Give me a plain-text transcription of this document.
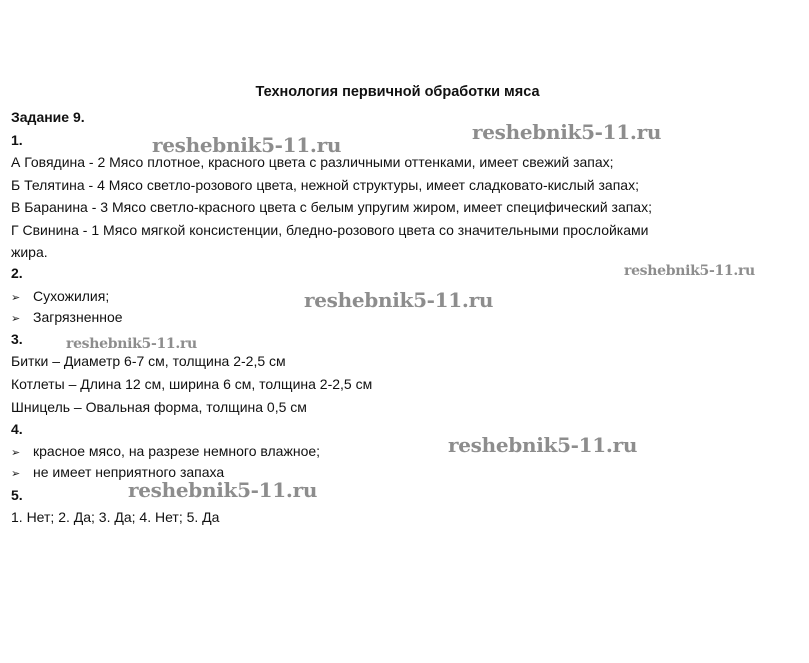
Технология первичной обработки мяса
Задание 9.
1.
А Говядина - 2 Мясо плотное, красного цвета с различными оттенками, имеет свежий запах;
Б Телятина - 4 Мясо светло-розового цвета, нежной структуры, имеет сладковато-кислый запах;
В Баранина - 3 Мясо светло-красного цвета с белым упругим жиром, имеет специфический запах;
Г Свинина - 1 Мясо мягкой консистенции, бледно-розового цвета со значительными прослойками
жира.
2.
➢ Сухожилия;
➢ Загрязненное
3.
Битки – Диаметр 6-7 см, толщина 2-2,5 см
Котлеты – Длина 12 см, ширина 6 см, толщина 2-2,5 см
Шницель – Овальная форма, толщина 0,5 см
4.
➢ красное мясо, на разрезе немного влажное;
➢ не имеет неприятного запаха
5.
1. Нет; 2. Да; 3. Да; 4. Нет; 5. Да
reshebnik5-11.ru
reshebnik5-11.ru
reshebnik5-11.ru
reshebnik5-11.ru
reshebnik5-11.ru
reshebnik5-11.ru
reshebnik5-11.ru
